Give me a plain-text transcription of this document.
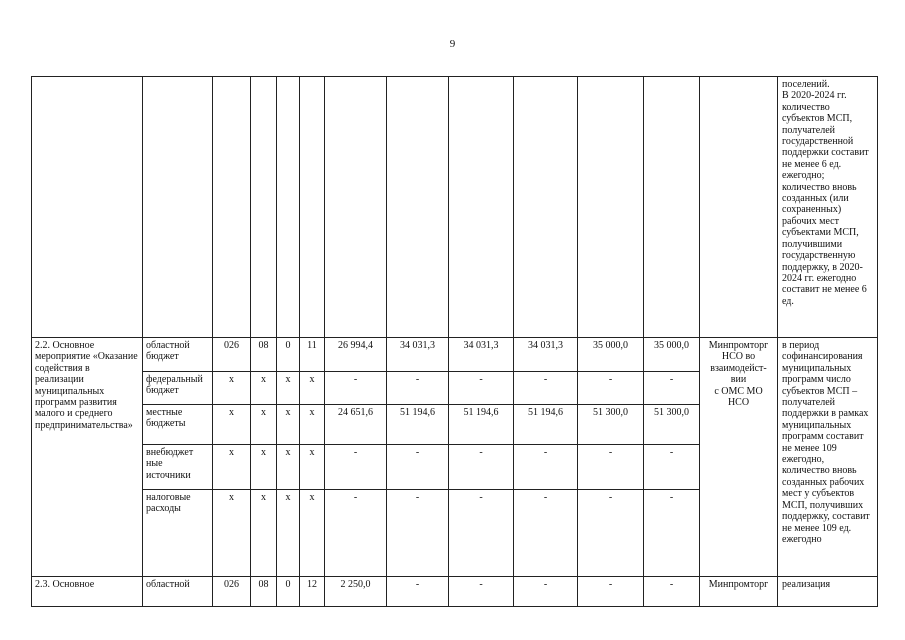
9
													поселений.
В 2020-2024 гг. количество субъектов МСП, получателей государственной поддержки составит не менее 6 ед. ежегодно; количество вновь созданных (или сохраненных) рабочих мест субъектами МСП, получившими государственную поддержку, в 2020-2024 гг. ежегодно составит не менее 6 ед.
2.2. Основное мероприятие «Оказание содействия в реализации муниципальных программ развития малого и среднего предпринимательства»	областной бюджет	026	08	0	11	26 994,4	34 031,3	34 031,3	34 031,3	35 000,0	35 000,0	Минпромторг НСО во взаимодейст-вии
с ОМС МО НСО	в период софинансирования муниципальных программ число субъектов МСП – получателей поддержки в рамках муниципальных программ составит не менее 109 ежегодно, количество вновь созданных рабочих мест у субъектов МСП, получивших поддержку, составит не менее 109 ед. ежегодно
	федеральный бюджет	х	х	х	х	-	-	-	-	-	-		
	местные бюджеты	х	х	х	х	24 651,6	51 194,6	51 194,6	51 194,6	51 300,0	51 300,0		
	внебюджет ные источники	х	х	х	х	-	-	-	-	-	-		
	налоговые расходы	х	х	х	х	-	-	-	-	-	-		
2.3. Основное	областной	026	08	0	12	2 250,0	-	-	-	-	-	Минпромторг	реализация
